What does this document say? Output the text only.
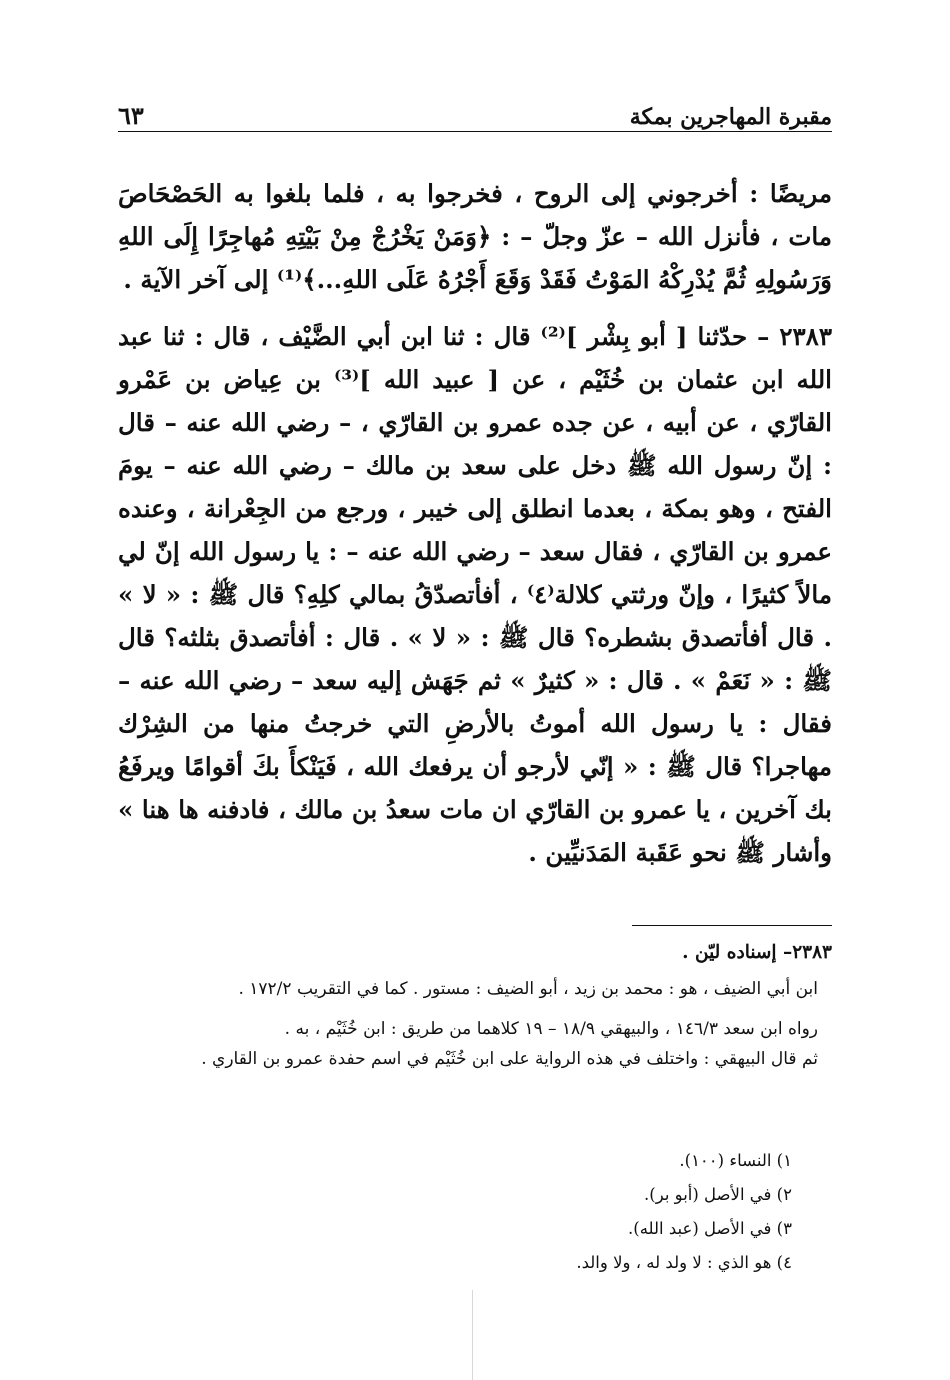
مقبرة المهاجرين بمكة
٦٣

مريضًا : أخرجوني إلى الروح ، فخرجوا به ، فلما بلغوا به الحَصْحَاصَ مات ، فأنزل الله – عزّ وجلّ – : ﴿وَمَنْ يَخْرُجْ مِنْ بَيْتِهِ مُهاجِرًا إِلَى اللهِ وَرَسُولِهِ ثُمَّ يُدْرِكْهُ المَوْتُ فَقَدْ وَقَعَ أَجْرُهُ عَلَى اللهِ...﴾⁽¹⁾ إلى آخر الآية .

٢٣٨٣ – حدّثنا [ أبو بِشْر ]⁽²⁾ قال : ثنا ابن أبي الضَّيْف ، قال : ثنا عبد الله ابن عثمان بن خُثَيْم ، عن [ عبيد الله ]⁽³⁾ بن عِياض بن عَمْرو القارّي ، عن أبيه ، عن جده عمرو بن القارّي ، – رضي الله عنه – قال : إنّ رسول الله ﷺ دخل على سعد بن مالك – رضي الله عنه – يومَ الفتح ، وهو بمكة ، بعدما انطلق إلى خيبر ، ورجع من الجِعْرانة ، وعنده عمرو بن القارّي ، فقال سعد – رضي الله عنه – : يا رسول الله إنّ لي مالاً كثيرًا ، وإنّ ورثتي كلالة⁽٤⁾ ، أفأتصدّقُ بمالي كلِهِ؟ قال ﷺ : « لا » . قال أفأتصدق بشطره؟ قال ﷺ : « لا » . قال : أفأتصدق بثلثه؟ قال ﷺ : « نَعَمْ » . قال : « كثيرٌ » ثم جَهَش إليه سعد – رضي الله عنه – فقال : يا رسول الله أموتُ بالأرضِ التي خرجتُ منها من الشِرْك مهاجرا؟ قال ﷺ : « إنّي لأرجو أن يرفعك الله ، فَيَنْكأَ بكَ أقوامًا ويرفَعُ بك آخرين ، يا عمرو بن القارّي ان مات سعدُ بن مالك ، فادفنه ها هنا » وأشار ﷺ نحو عَقَبة المَدَنيِّين .

٢٣٨٣– إسناده ليّن .

ابن أبي الضيف ، هو : محمد بن زيد ، أبو الضيف : مستور . كما في التقريب ١٧٢/٢ .

رواه ابن سعد ١٤٦/٣ ، والبيهقي ١٨/٩ – ١٩ كلاهما من طريق : ابن خُثَيْم ، به .

ثم قال البيهقي : واختلف في هذه الرواية على ابن خُثَيْم في اسم حفدة عمرو بن القاري .

١) النساء (١٠٠).

٢) في الأصل (أبو بر).

٣) في الأصل (عبد الله).

٤) هو الذي : لا ولد له ، ولا والد.
